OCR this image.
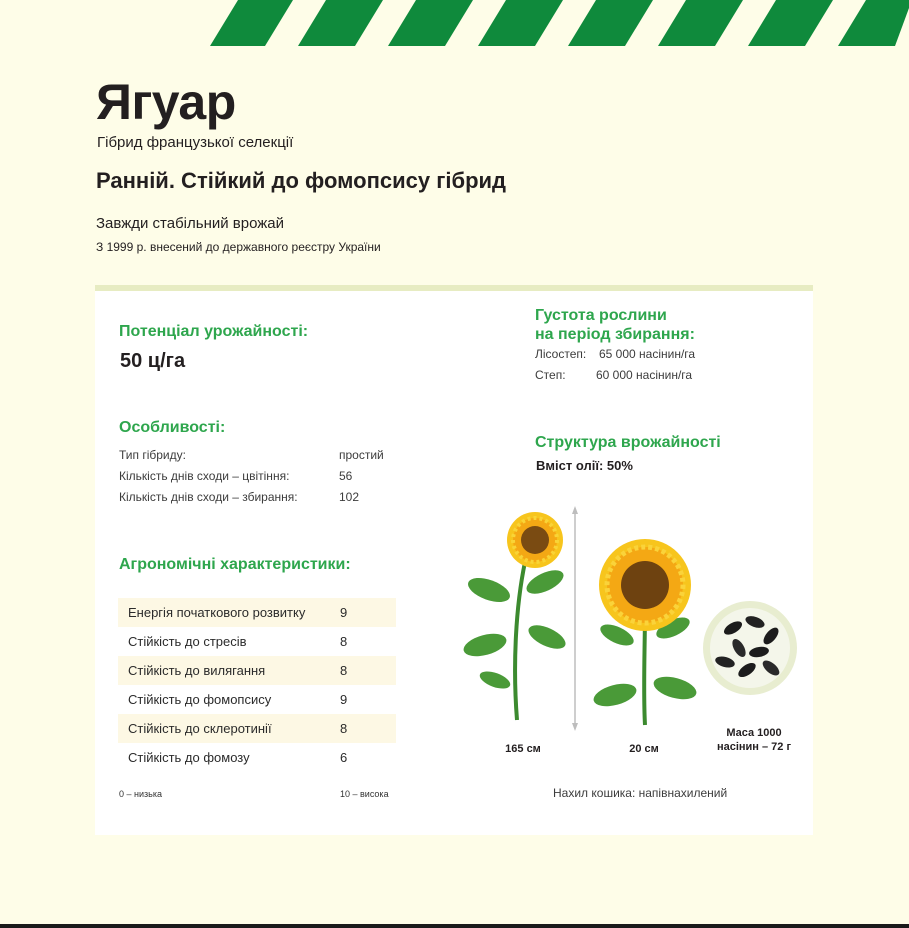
Ягуар
Гібрид французької селекції
Ранній. Стійкий до фомопсису гібрид
Завжди стабільний врожай
З 1999 р. внесений до державного реєстру України
Потенціал урожайності:
50 ц/га
Особливості:
Тип гібриду:	простий
Кількість днів сходи – цвітіння:	56
Кількість днів сходи – збирання:	102
Агрономічні характеристики:
Енергія початкового розвитку	9
Стійкість до стресів	8
Стійкість до вилягання	8
Стійкість до фомопсису	9
Стійкість до склеротинії	8
Стійкість до фомозу	6
0 – низька	10 – висока
Густота рослини
на період збирання:
Лісостеп: 65 000 насінин/га
Степ:	60 000 насінин/га
Структура врожайності
Вміст олії: 50%
165 см	20 см
Маса 1000
насінин – 72 г
Нахил кошика: напівнахилений
